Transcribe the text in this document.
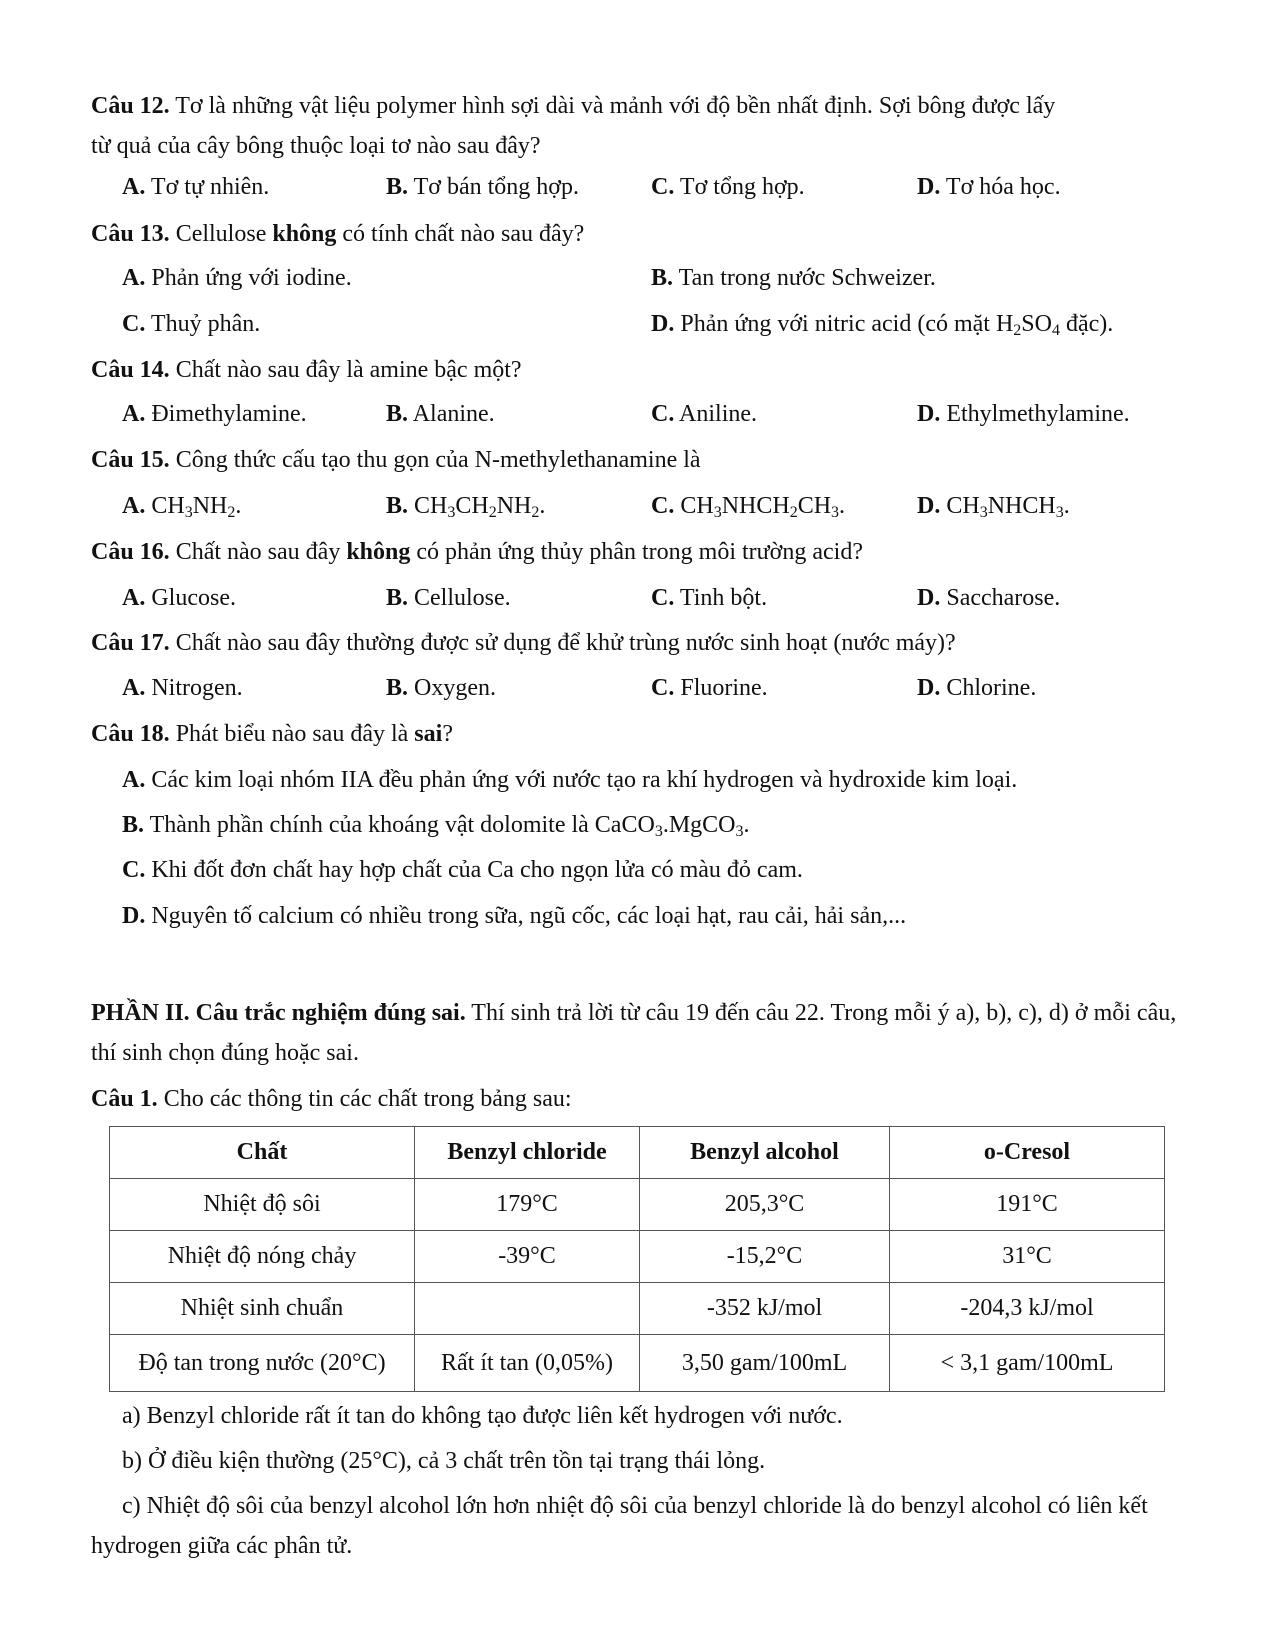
Câu 12. Tơ là những vật liệu polymer hình sợi dài và mảnh với độ bền nhất định. Sợi bông được lấy
từ quả của cây bông thuộc loại tơ nào sau đây?
A. Tơ tự nhiên.	B. Tơ bán tổng hợp.	C. Tơ tổng hợp.	D. Tơ hóa học.
Câu 13. Cellulose không có tính chất nào sau đây?
A. Phản ứng với iodine.	B. Tan trong nước Schweizer.
C. Thuỷ phân.	D. Phản ứng với nitric acid (có mặt $H_2SO_4$ đặc).
Câu 14. Chất nào sau đây là amine bậc một?
A. Đimethylamine.	B. Alanine.	C. Aniline.	D. Ethylmethylamine.
Câu 15. Công thức cấu tạo thu gọn của N-methylethanamine là
A. $CH_3NH_2$.	B. $CH_3CH_2NH_2$.	C. $CH_3NHCH_2CH_3$.	D. $CH_3NHCH_3$.
Câu 16. Chất nào sau đây không có phản ứng thủy phân trong môi trường acid?
A. Glucose.	B. Cellulose.	C. Tinh bột.	D. Saccharose.
Câu 17. Chất nào sau đây thường được sử dụng để khử trùng nước sinh hoạt (nước máy)?
A. Nitrogen.	B. Oxygen.	C. Fluorine.	D. Chlorine.
Câu 18. Phát biểu nào sau đây là sai?
A. Các kim loại nhóm IIA đều phản ứng với nước tạo ra khí hydrogen và hydroxide kim loại.
B. Thành phần chính của khoáng vật dolomite là CaCO$_3$.MgCO$_3$.
C. Khi đốt đơn chất hay hợp chất của Ca cho ngọn lửa có màu đỏ cam.
D. Nguyên tố calcium có nhiều trong sữa, ngũ cốc, các loại hạt, rau cải, hải sản,...
PHẦN II. Câu trắc nghiệm đúng sai. Thí sinh trả lời từ câu 19 đến câu 22. Trong mỗi ý a), b), c), d) ở mỗi câu, thí sinh chọn đúng hoặc sai.
Câu 1. Cho các thông tin các chất trong bảng sau:
Chất	Benzyl chloride	Benzyl alcohol	o-Cresol
Nhiệt độ sôi	179°C	205,3°C	191°C
Nhiệt độ nóng chảy	-39°C	-15,2°C	31°C
Nhiệt sinh chuẩn		-352 kJ/mol	-204,3 kJ/mol
Độ tan trong nước (20°C)	Rất ít tan (0,05%)	3,50 gam/100mL	< 3,1 gam/100mL
a) Benzyl chloride rất ít tan do không tạo được liên kết hydrogen với nước.
b) Ở điều kiện thường (25°C), cả 3 chất trên tồn tại trạng thái lỏng.
c) Nhiệt độ sôi của benzyl alcohol lớn hơn nhiệt độ sôi của benzyl chloride là do benzyl alcohol có liên kết hydrogen giữa các phân tử.
